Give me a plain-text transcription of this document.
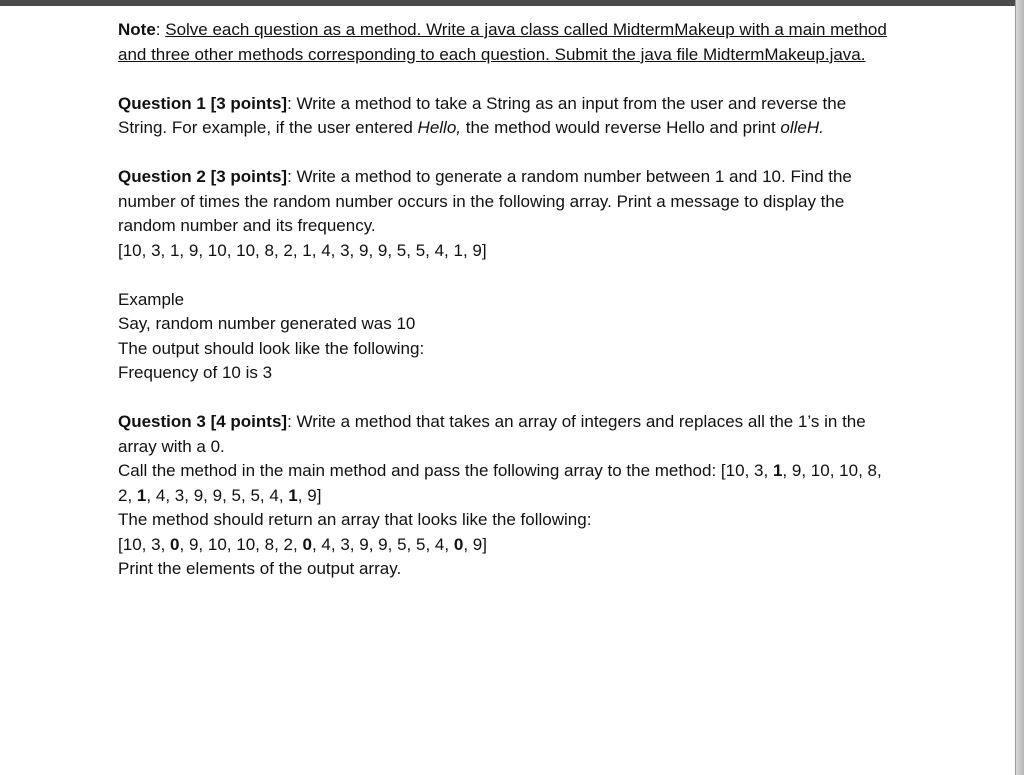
Note: Solve each question as a method. Write a java class called MidtermMakeup with a main method and three other methods corresponding to each question. Submit the java file MidtermMakeup.java.

Question 1 [3 points]: Write a method to take a String as an input from the user and reverse the String. For example, if the user entered Hello, the method would reverse Hello and print olleH.

Question 2 [3 points]: Write a method to generate a random number between 1 and 10. Find the number of times the random number occurs in the following array. Print a message to display the random number and its frequency.

[10, 3, 1, 9, 10, 10, 8, 2, 1, 4, 3, 9, 9, 5, 5, 4, 1, 9]

Example

Say, random number generated was 10

The output should look like the following:

Frequency of 10 is 3

Question 3 [4 points]: Write a method that takes an array of integers and replaces all the 1’s in the array with a 0.

Call the method in the main method and pass the following array to the method: [10, 3, 1, 9, 10, 10, 8, 2, 1, 4, 3, 9, 9, 5, 5, 4, 1, 9]

The method should return an array that looks like the following:

[10, 3, 0, 9, 10, 10, 8, 2, 0, 4, 3, 9, 9, 5, 5, 4, 0, 9]

Print the elements of the output array.
